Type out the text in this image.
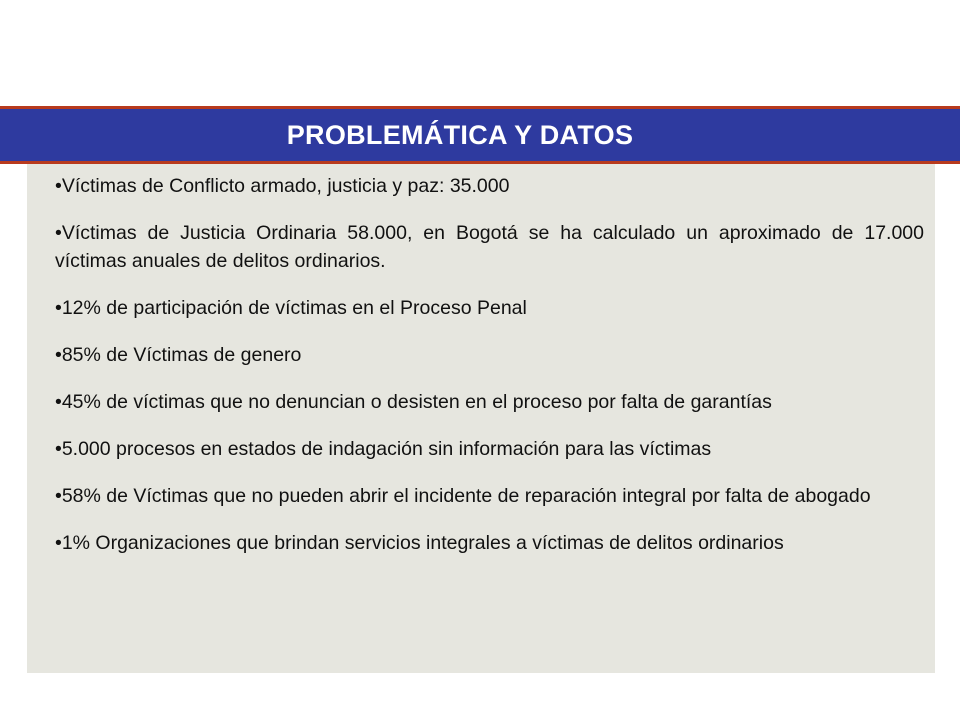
PROBLEMÁTICA Y DATOS
•Víctimas de Conflicto armado, justicia y paz: 35.000
•Víctimas de Justicia Ordinaria 58.000, en Bogotá se ha calculado un aproximado de 17.000 víctimas anuales de delitos ordinarios.
•12% de participación de víctimas en el Proceso Penal
•85% de Víctimas de genero
•45% de víctimas que no denuncian o desisten en el proceso por falta de garantías
•5.000 procesos en estados de indagación sin información para las víctimas
•58% de Víctimas que no pueden abrir el incidente de reparación integral por falta de abogado
•1% Organizaciones que brindan servicios integrales a víctimas de delitos ordinarios
